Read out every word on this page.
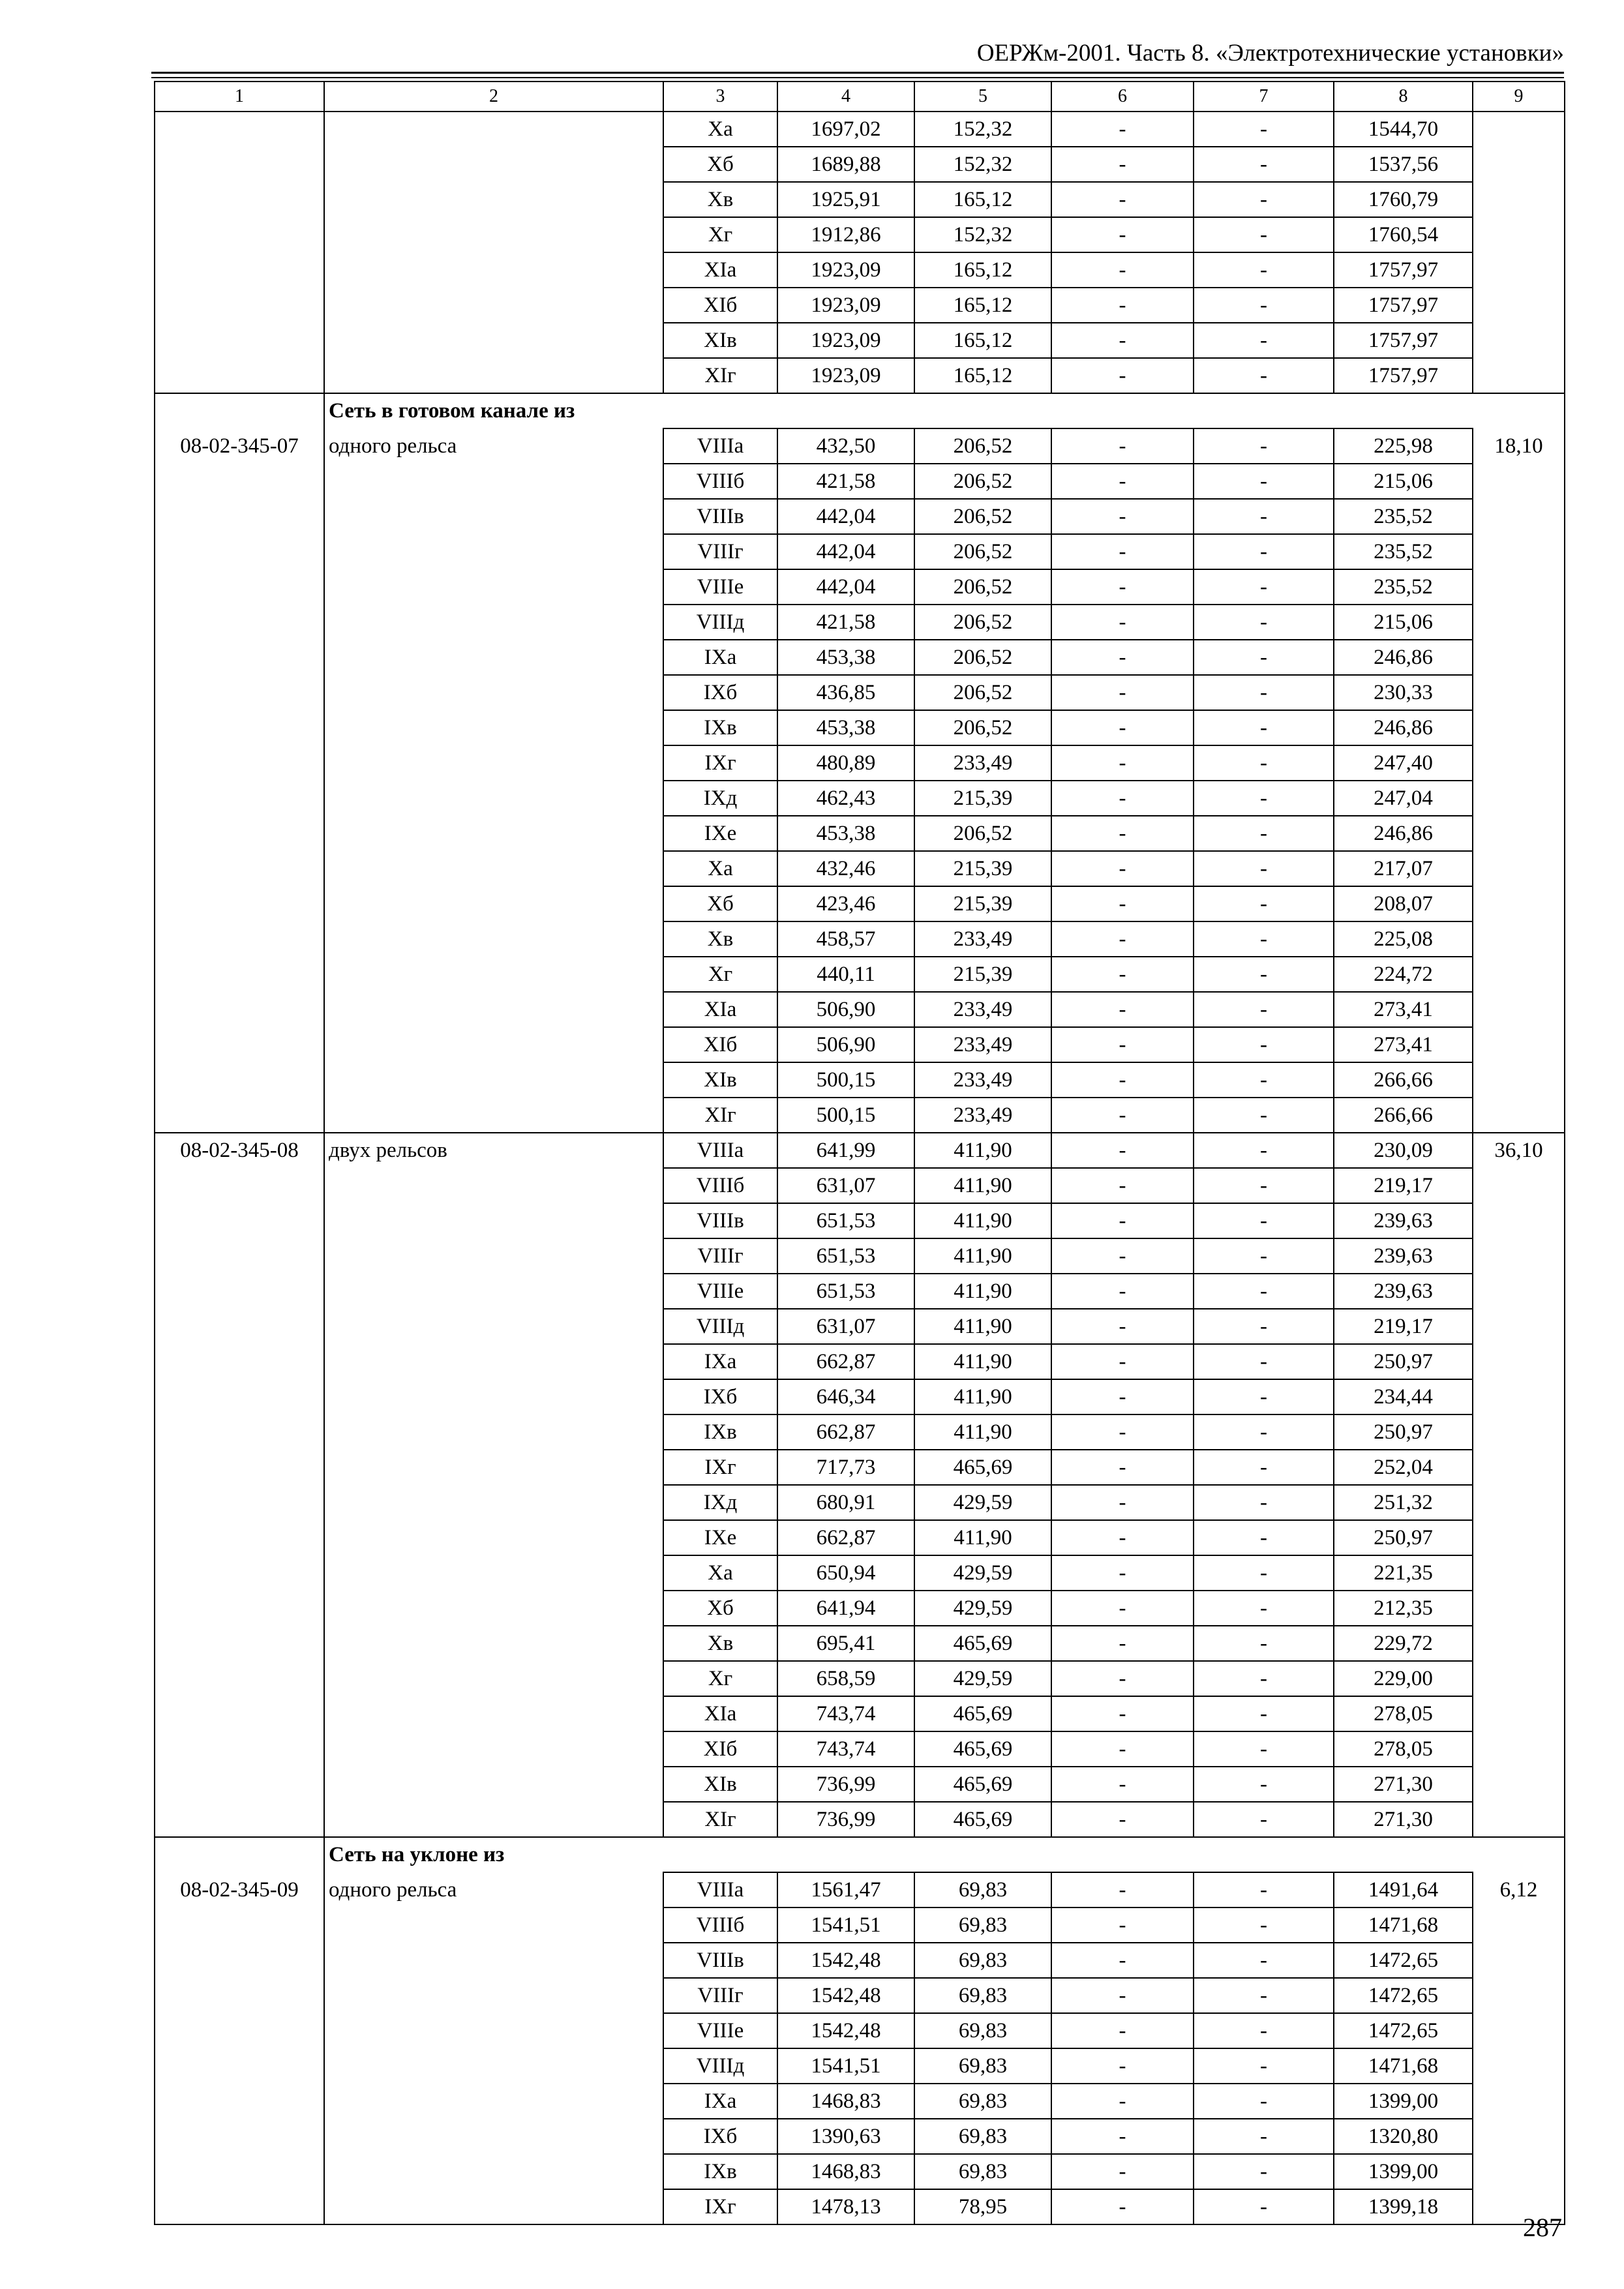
ОЕРЖм-2001. Часть 8. «Электротехнические установки»
1	2	3	4	5	6	7	8	9
		Xa	1697,02	152,32	-	-	1544,70	
		Xб	1689,88	152,32	-	-	1537,56	
		Xв	1925,91	165,12	-	-	1760,79	
		Xг	1912,86	152,32	-	-	1760,54	
		XIa	1923,09	165,12	-	-	1757,97	
		XIб	1923,09	165,12	-	-	1757,97	
		XIв	1923,09	165,12	-	-	1757,97	
		XIг	1923,09	165,12	-	-	1757,97	
	Сеть в готовом канале из							
08-02-345-07	одного рельса	VIIIa	432,50	206,52	-	-	225,98	18,10
		VIIIб	421,58	206,52	-	-	215,06	
		VIIIв	442,04	206,52	-	-	235,52	
		VIIIг	442,04	206,52	-	-	235,52	
		VIIIе	442,04	206,52	-	-	235,52	
		VIIIд	421,58	206,52	-	-	215,06	
		IXa	453,38	206,52	-	-	246,86	
		IXб	436,85	206,52	-	-	230,33	
		IXв	453,38	206,52	-	-	246,86	
		IXг	480,89	233,49	-	-	247,40	
		IXд	462,43	215,39	-	-	247,04	
		IXе	453,38	206,52	-	-	246,86	
		Xa	432,46	215,39	-	-	217,07	
		Xб	423,46	215,39	-	-	208,07	
		Xв	458,57	233,49	-	-	225,08	
		Xг	440,11	215,39	-	-	224,72	
		XIa	506,90	233,49	-	-	273,41	
		XIб	506,90	233,49	-	-	273,41	
		XIв	500,15	233,49	-	-	266,66	
		XIг	500,15	233,49	-	-	266,66	
08-02-345-08	двух рельсов	VIIIa	641,99	411,90	-	-	230,09	36,10
		VIIIб	631,07	411,90	-	-	219,17	
		VIIIв	651,53	411,90	-	-	239,63	
		VIIIг	651,53	411,90	-	-	239,63	
		VIIIе	651,53	411,90	-	-	239,63	
		VIIIд	631,07	411,90	-	-	219,17	
		IXa	662,87	411,90	-	-	250,97	
		IXб	646,34	411,90	-	-	234,44	
		IXв	662,87	411,90	-	-	250,97	
		IXг	717,73	465,69	-	-	252,04	
		IXд	680,91	429,59	-	-	251,32	
		IXе	662,87	411,90	-	-	250,97	
		Xa	650,94	429,59	-	-	221,35	
		Xб	641,94	429,59	-	-	212,35	
		Xв	695,41	465,69	-	-	229,72	
		Xг	658,59	429,59	-	-	229,00	
		XIa	743,74	465,69	-	-	278,05	
		XIб	743,74	465,69	-	-	278,05	
		XIв	736,99	465,69	-	-	271,30	
		XIг	736,99	465,69	-	-	271,30	
	Сеть на уклоне из							
08-02-345-09	одного рельса	VIIIa	1561,47	69,83	-	-	1491,64	6,12
		VIIIб	1541,51	69,83	-	-	1471,68	
		VIIIв	1542,48	69,83	-	-	1472,65	
		VIIIг	1542,48	69,83	-	-	1472,65	
		VIIIе	1542,48	69,83	-	-	1472,65	
		VIIIд	1541,51	69,83	-	-	1471,68	
		IXa	1468,83	69,83	-	-	1399,00	
		IXб	1390,63	69,83	-	-	1320,80	
		IXв	1468,83	69,83	-	-	1399,00	
		IXг	1478,13	78,95	-	-	1399,18	
287
